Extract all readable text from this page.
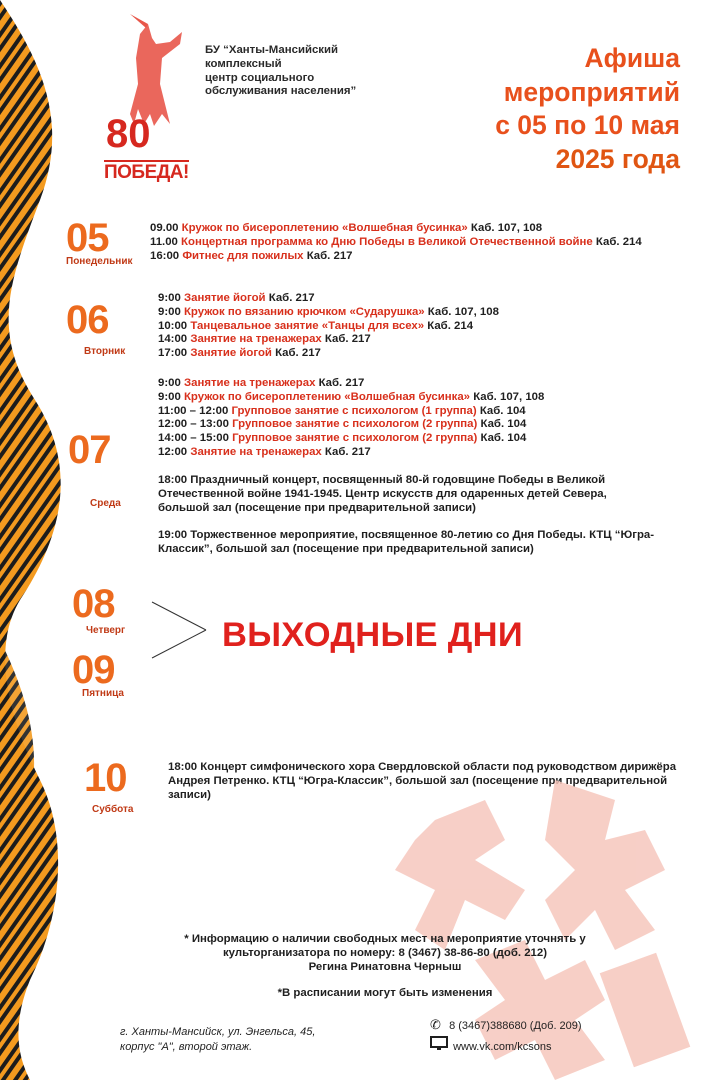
80
ПОБЕДА!
БУ “Ханты-Мансийский
комплексный
центр социального
обслуживания населения”
Афиша
мероприятий
с 05 по 10 мая
2025 года
05
Понедельник
09.00 Кружок по бисероплетению «Волшебная бусинка» Каб. 107, 108
11.00 Концертная программа ко Дню Победы в Великой Отечественной войне Каб. 214
16:00 Фитнес для пожилых Каб. 217
06
Вторник
9:00 Занятие йогой Каб. 217
9:00 Кружок по вязанию крючком «Сударушка» Каб. 107, 108
10:00 Танцевальное занятие «Танцы для всех» Каб. 214
14:00 Занятие на тренажерах Каб. 217
17:00 Занятие йогой Каб. 217
07
Среда
9:00 Занятие на тренажерах Каб. 217
9:00 Кружок по бисероплетению «Волшебная бусинка» Каб. 107, 108
11:00 – 12:00 Групповое занятие с психологом (1 группа) Каб. 104
12:00 – 13:00 Групповое занятие с психологом (2 группа) Каб. 104
14:00 – 15:00 Групповое занятие с психологом (2 группа) Каб. 104
12:00 Занятие на тренажерах Каб. 217
18:00 Праздничный концерт, посвященный 80-й годовщине Победы в Великой Отечественной войне 1941-1945. Центр искусств для одаренных детей Севера, большой зал (посещение при предварительной записи)
19:00 Торжественное мероприятие, посвященное 80-летию со Дня Победы. КТЦ “Югра-Классик”, большой зал (посещение при предварительной записи)
08
Четверг
09
Пятница
ВЫХОДНЫЕ ДНИ
10
Суббота
18:00 Концерт симфонического хора Свердловской области под руководством дирижёра Андрея Петренко. КТЦ “Югра-Классик”, большой зал (посещение при предварительной записи)
* Информацию о наличии свободных мест на мероприятие уточнять у
культорганизатора по номеру: 8 (3467) 38-86-80 (доб. 212)
Регина Ринатовна Черныш
*В расписании могут быть изменения
г. Ханты-Мансийск, ул. Энгельса, 45,
корпус "А", второй этаж.
✆ 8 (3467)388680 (Доб. 209)
www.vk.com/kcsons
